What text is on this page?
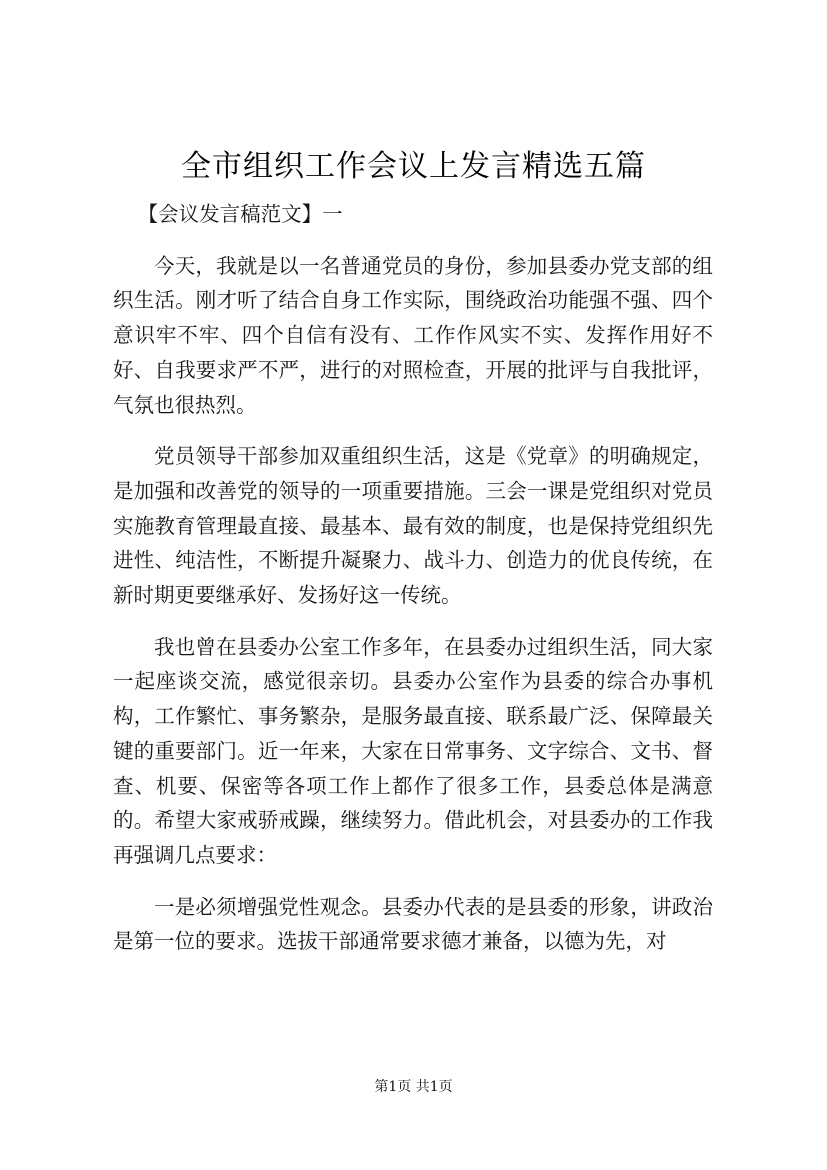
全市组织工作会议上发言精选五篇

【会议发言稿范文】一

今天，我就是以一名普通党员的身份，参加县委办党支部的组织生活。刚才听了结合自身工作实际，围绕政治功能强不强、四个意识牢不牢、四个自信有没有、工作作风实不实、发挥作用好不好、自我要求严不严，进行的对照检查，开展的批评与自我批评，气氛也很热烈。

党员领导干部参加双重组织生活，这是《党章》的明确规定，是加强和改善党的领导的一项重要措施。三会一课是党组织对党员实施教育管理最直接、最基本、最有效的制度，也是保持党组织先进性、纯洁性，不断提升凝聚力、战斗力、创造力的优良传统，在新时期更要继承好、发扬好这一传统。

我也曾在县委办公室工作多年，在县委办过组织生活，同大家一起座谈交流，感觉很亲切。县委办公室作为县委的综合办事机构，工作繁忙、事务繁杂，是服务最直接、联系最广泛、保障最关键的重要部门。近一年来，大家在日常事务、文字综合、文书、督查、机要、保密等各项工作上都作了很多工作，县委总体是满意的。希望大家戒骄戒躁，继续努力。借此机会，对县委办的工作我再强调几点要求：

一是必须增强党性观念。县委办代表的是县委的形象，讲政治是第一位的要求。选拔干部通常要求德才兼备，以德为先，对

第1页 共1页
